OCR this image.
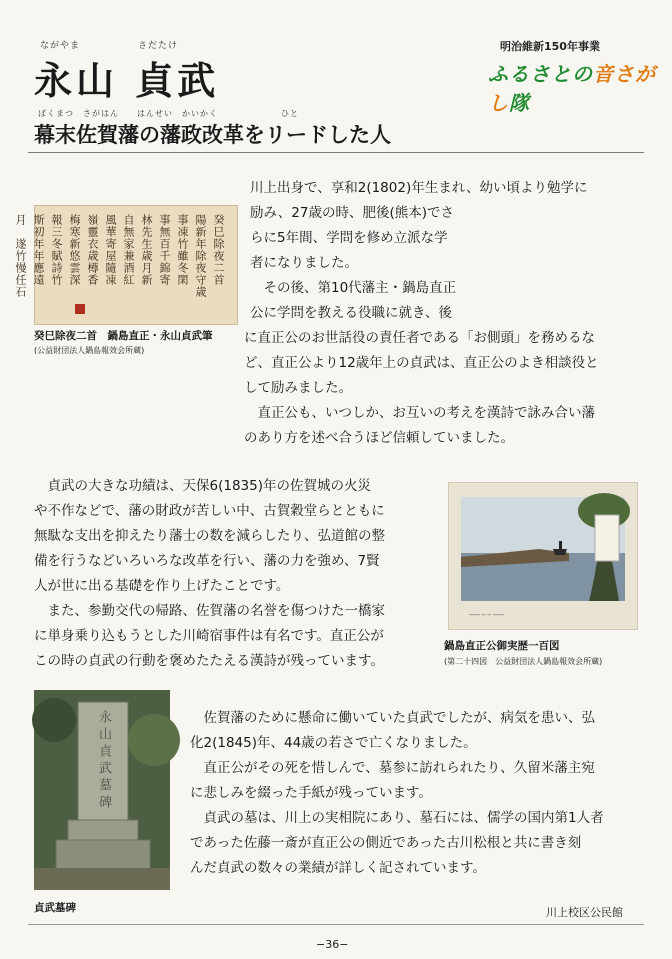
ながやま	さだたけ
永山 貞武
明治維新150年事業
ふるさとの音さがし隊
ばくまつ　さがはん　　はんせい　かいかく　　　　　　　ひと
幕末佐賀藩の藩政改革をリードした人

川上出身で、享和2(1802)年生まれ、幼い頃より勉学に

励み、27歳の時、肥後(熊本)でさ

らに5年間、学問を修め立派な学

者になりました。

　その後、第10代藩主・鍋島直正

公に学問を教える役職に就き、後

に直正公のお世話役の責任者である「お側頭」を務めるな

ど、直正公より12歳年上の貞武は、直正公のよき相談役と

して励みました。

　直正公も、いつしか、お互いの考えを漢詩で詠み合い藩

のあり方を述べ合うほど信頼していました。

癸巳除夜二首
陽新年除夜守歳
事凍竹雖冬閑
事無百千錦寄
林先生歳月新
自無家兼酒紅
風華寄屋隨凍
嶺靈衣歳樽香
梅寒新悠雲深
報三冬賦詩竹
斯初年年應遠
月　遂竹慢任石
癸巳除夜二首　鍋島直正・永山貞武筆
(公益財団法人鍋島報效会所蔵)

　貞武の大きな功績は、天保6(1835)年の佐賀城の火災

や不作などで、藩の財政が苦しい中、古賀穀堂らとともに

無駄な支出を抑えたり藩士の数を減らしたり、弘道館の整

備を行うなどいろいろな改革を行い、藩の力を強め、7賢

人が世に出る基礎を作り上げたことです。

　また、参勤交代の帰路、佐賀藩の名誉を傷つけた一橋家

に単身乗り込もうとした川崎宿事件は有名です。直正公が

この時の貞武の行動を褒めたたえる漢詩が残っています。

─── ─ ─ ───
鍋島直正公御実歴一百図
(第二十四図　公益財団法人鍋島報效会所蔵)
永山貞武墓碑
貞武墓碑

　佐賀藩のために懸命に働いていた貞武でしたが、病気を患い、弘

化2(1845)年、44歳の若さで亡くなりました。

　直正公がその死を惜しんで、墓参に訪れられたり、久留米藩主宛

に悲しみを綴った手紙が残っています。

　貞武の墓は、川上の実相院にあり、墓石には、儒学の国内第1人者

であった佐藤一斎が直正公の側近であった古川松根と共に書き刻

んだ貞武の数々の業績が詳しく記されています。

川上校区公民館
−36−
